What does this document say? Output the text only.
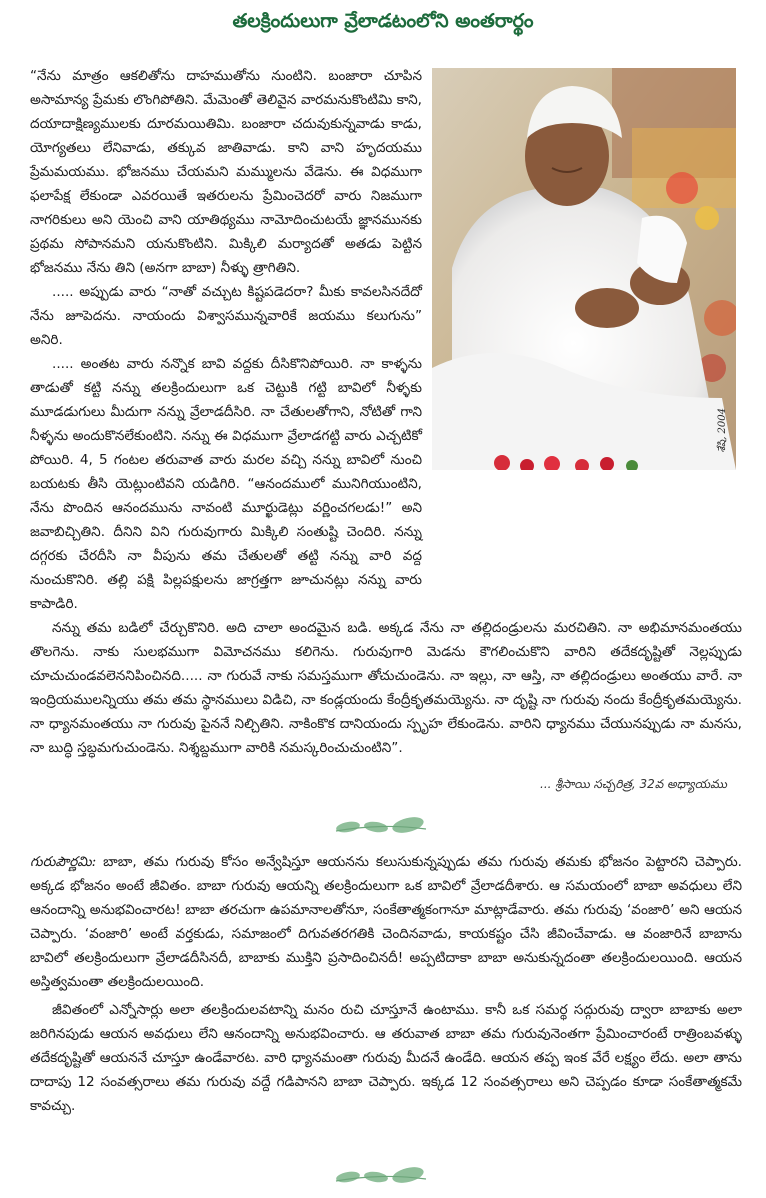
తలక్రిందులుగా వ్రేలాడటంలోని అంతరార్థం
శేషి, 2004

“నేను మాత్రం ఆకలితోను దాహముతోను నుంటిని. బంజారా చూపిన అసామాన్య ప్రేమకు లొంగిపోతిని. మేమెంతో తెలివైన వారమనుకొంటిమి కాని, దయాదాక్షిణ్యములకు దూరమయితిమి. బంజారా చదువుకున్నవాడు కాడు, యోగ్యతలు లేనివాడు, తక్కువ జాతివాడు. కాని వాని హృదయము ప్రేమమయము. భోజనము చేయమని మమ్ములను వేడెను. ఈ విధముగా ఫలాపేక్ష లేకుండా ఎవరయితే ఇతరులను ప్రేమించెదరో వారు నిజముగా నాగరికులు అని యెంచి వాని యాతిథ్యము నామోదించుటయే జ్ఞానమునకు ప్రథమ సోపానమని యనుకొంటిని. మిక్కిలి మర్యాదతో అతడు పెట్టిన భోజనము నేను తిని (అనగా బాబా) నీళ్ళు త్రాగితిని.

..... అప్పుడు వారు “నాతో వచ్చుట కిష్టపడెదరా? మీకు కావలసినదేదో నేను జూపెదను. నాయందు విశ్వాసమున్నవారికే జయము కలుగును” అనిరి.

..... అంతట వారు నన్నొక బావి వద్దకు దీసికొనిపోయిరి. నా కాళ్ళను తాడుతో కట్టి నన్ను తలక్రిందులుగా ఒక చెట్టుకి గట్టి బావిలో నీళ్ళకు మూడడుగులు మీదుగా నన్ను వ్రేలాడదీసిరి. నా చేతులతోగాని, నోటితో గాని నీళ్ళను అందుకొనలేకుంటిని. నన్ను ఈ విధముగా వ్రేలాడగట్టి వారు ఎచ్చటికో పోయిరి. 4, 5 గంటల తరువాత వారు మరల వచ్చి నన్ను బావిలో నుంచి బయటకు తీసి యెట్లుంటివని యడిగిరి. “ఆనందములో మునిగియుంటిని, నేను పొందిన ఆనందమును నావంటి మూర్ఖుడెట్లు వర్ణించగలడు!” అని జవాబిచ్చితిని. దీనిని విని గురువుగారు మిక్కిలి సంతుష్టి చెందిరి. నన్ను దగ్గరకు చేరదీసి నా వీపును తమ చేతులతో తట్టి నన్ను వారి వద్ద నుంచుకొనిరి. తల్లి పక్షి పిల్లపక్షులను జాగ్రత్తగా జూచునట్లు నన్ను వారు కాపాడిరి.

నన్ను తమ బడిలో చేర్చుకొనిరి. అది చాలా అందమైన బడి. అక్కడ నేను నా తల్లిదండ్రులను మరచితిని. నా అభిమానమంతయు తొలగెను. నాకు సులభముగా విమోచనము కలిగెను. గురువుగారి మెడను కౌగలించుకొని వారిని తదేకదృష్టితో నెల్లప్పుడు చూచుచుండవలెననిపించినది..... నా గురువే నాకు సమస్తముగా తోచుచుండెను. నా ఇల్లు, నా ఆస్తి, నా తల్లిదండ్రులు అంతయు వారే. నా ఇంద్రియములన్నియు తమ తమ స్థానములు విడిచి, నా కండ్లయందు కేంద్రీకృతమయ్యెను. నా దృష్టి నా గురువు నందు కేంద్రీకృతమయ్యెను. నా ధ్యానమంతయు నా గురువు పైననే నిల్చితిని. నాకింకొక దానియందు స్పృహ లేకుండెను. వారిని ధ్యానము చేయునప్పుడు నా మనసు, నా బుద్ధి స్తబ్ధమగుచుండెను. నిశ్శబ్దముగా వారికి నమస్కరించుచుంటిని”.

... శ్రీసాయి సచ్చరిత్ర, 32వ అధ్యాయము

గురుపౌర్ణమి: బాబా, తమ గురువు కోసం అన్వేషిస్తూ ఆయనను కలుసుకున్నప్పుడు తమ గురువు తమకు భోజనం పెట్టారని చెప్పారు. అక్కడ భోజనం అంటే జీవితం. బాబా గురువు ఆయన్ని తలక్రిందులుగా ఒక బావిలో వ్రేలాడదీశారు. ఆ సమయంలో బాబా అవధులు లేని ఆనందాన్ని అనుభవించారట! బాబా తరచుగా ఉపమానాలతోనూ, సంకేతాత్మకంగానూ మాట్లాడేవారు. తమ గురువు ‘వంజారి’ అని ఆయన చెప్పారు. ‘వంజారి’ అంటే వర్తకుడు, సమాజంలో దిగువతరగతికి చెందినవాడు, కాయకష్టం చేసి జీవించేవాడు. ఆ వంజారినే బాబాను బావిలో తలక్రిందులుగా వ్రేలాడదీసినదీ, బాబాకు ముక్తిని ప్రసాదించినదీ! అప్పటిదాకా బాబా అనుకున్నదంతా తలక్రిందులయింది. ఆయన అస్తిత్వమంతా తలక్రిందులయింది.

జీవితంలో ఎన్నోసార్లు అలా తలక్రిందులవటాన్ని మనం రుచి చూస్తూనే ఉంటాము. కానీ ఒక సమర్థ సద్గురువు ద్వారా బాబాకు అలా జరిగినపుడు ఆయన అవధులు లేని ఆనందాన్ని అనుభవించారు. ఆ తరువాత బాబా తమ గురువునెంతగా ప్రేమించారంటే రాత్రింబవళ్ళు తదేకదృష్టితో ఆయననే చూస్తూ ఉండేవారట. వారి ధ్యానమంతా గురువు మీదనే ఉండేది. ఆయన తప్ప ఇంక వేరే లక్ష్యం లేదు. అలా తాను దాదాపు 12 సంవత్సరాలు తమ గురువు వద్దే గడిపానని బాబా చెప్పారు. ఇక్కడ 12 సంవత్సరాలు అని చెప్పడం కూడా సంకేతాత్మకమే కావచ్చు.
